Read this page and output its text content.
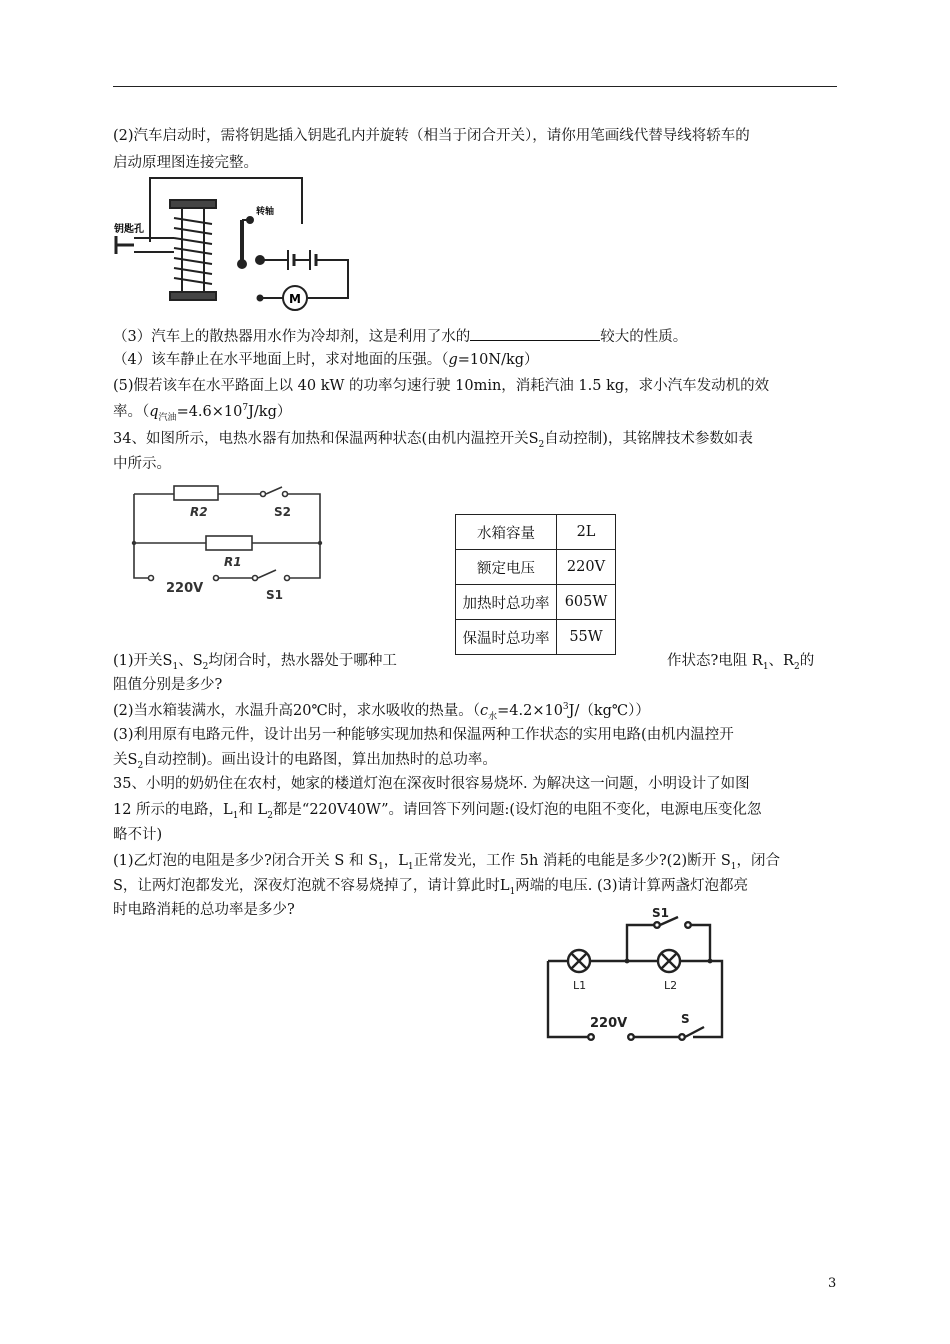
(2)汽车启动时，需将钥匙插入钥匙孔内并旋转（相当于闭合开关），请你用笔画线代替导线将轿车的
启动原理图连接完整。
钥匙孔
转轴
M
（3）汽车上的散热器用水作为冷却剂，这是利用了水的	较大的性质。
（4）该车静止在水平地面上时，求对地面的压强。（g=10N/kg）
(5)假若该车在水平路面上以 40 kW 的功率匀速行驶 10min，消耗汽油 1.5 kg，求小汽车发动机的效
率。$(q_{汽油}=4.6\times 10^7J/kg)$
34、如图所示，电热水器有加热和保温两种状态(由机内温控开关$S_2$自动控制)，其铭牌技术参数如表
中所示。
R2	S2
R1
220V	S1
水箱容量	2L
额定电压	220V
加热时总功率	605W
保温时总功率	55W
(1)开关$S_1$、$S_2$均闭合时，热水器处于哪种工	作状态?电阻 $R_1$、$R_2$的
阻值分别是多少?
(2)当水箱装满水，水温升高20℃时，求水吸收的热量。$(c_水=4.2\times 10^3J/(kg℃))$
(3)利用原有电路元件，设计出另一种能够实现加热和保温两种工作状态的实用电路(由机内温控开
关$S_2$自动控制)。画出设计的电路图，算出加热时的总功率。
35、小明的奶奶住在农村，她家的楼道灯泡在深夜时很容易烧坏. 为解决这一问题，小明设计了如图
12 所示的电路，$L_1$和 $L_2$都是“220V40W”。请回答下列问题:(设灯泡的电阻不变化，电源电压变化忽
略不计)
(1)乙灯泡的电阻是多少?闭合开关 S 和 $S_1$，$L_1$正常发光，工作 5h 消耗的电能是多少?(2)断开 $S_1$，闭合
S，让两灯泡都发光，深夜灯泡就不容易烧掉了，请计算此时$L_1$两端的电压. (3)请计算两盏灯泡都亮
时电路消耗的总功率是多少?	S1
L1	L2
220V	S
3
